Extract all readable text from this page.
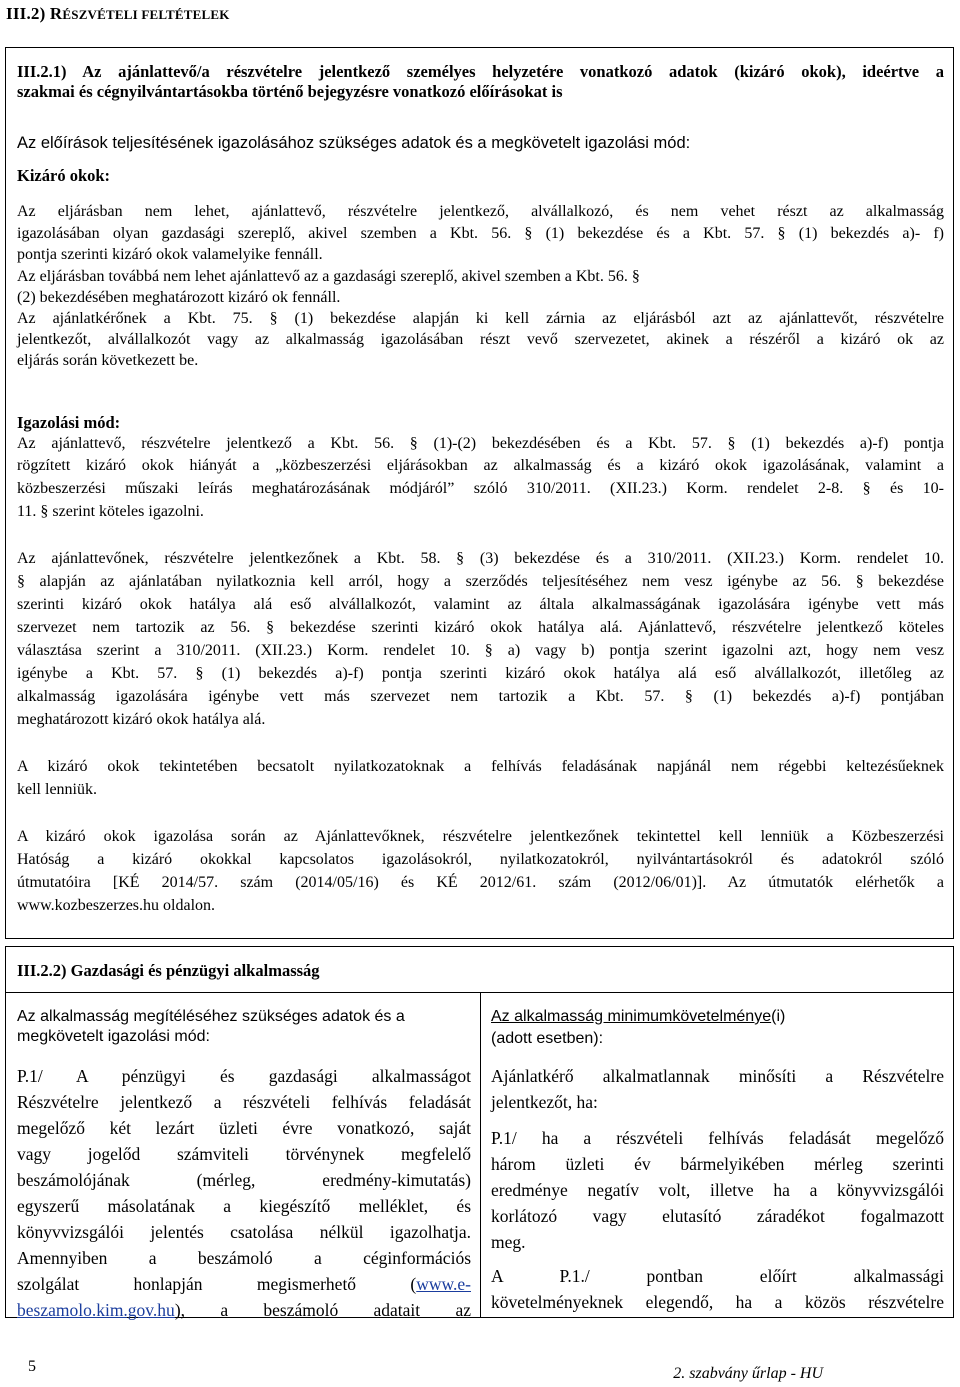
III.2) RÉSZVÉTELI FELTÉTELEK
III.2.1) Az ajánlattevő/a részvételre jelentkező személyes helyzetére vonatkozó adatok (kizáró okok), ideértve a
szakmai és cégnyilvántartásokba történő bejegyzésre vonatkozó előírásokat is
Az előírások teljesítésének igazolásához szükséges adatok és a megkövetelt igazolási mód:
Kizáró okok:
Az eljárásban nem lehet, ajánlattevő, részvételre jelentkező, alvállalkozó, és nem vehet részt az alkalmasság
igazolásában olyan gazdasági szereplő, akivel szemben a Kbt. 56. § (1) bekezdése és a Kbt. 57. § (1) bekezdés a)- f)
pontja szerinti kizáró okok valamelyike fennáll.
Az eljárásban továbbá nem lehet ajánlattevő az a gazdasági szereplő, akivel szemben a Kbt. 56. §
(2) bekezdésében meghatározott kizáró ok fennáll.
Az ajánlatkérőnek a Kbt. 75. § (1) bekezdése alapján ki kell zárnia az eljárásból azt az ajánlattevőt, részvételre
jelentkezőt, alvállalkozót vagy az alkalmasság igazolásában részt vevő szervezetet, akinek a részéről a kizáró ok az
eljárás során következett be.
Igazolási mód:
Az ajánlattevő, részvételre jelentkező a Kbt. 56. § (1)-(2) bekezdésében és a Kbt. 57. § (1) bekezdés a)-f) pontja
rögzített kizáró okok hiányát a „közbeszerzési eljárásokban az alkalmasság és a kizáró okok igazolásának, valamint a
közbeszerzési műszaki leírás meghatározásának módjáról” szóló 310/2011. (XII.23.) Korm. rendelet 2-8. § és 10-
11. § szerint köteles igazolni.
Az ajánlattevőnek, részvételre jelentkezőnek a Kbt. 58. § (3) bekezdése és a 310/2011. (XII.23.) Korm. rendelet 10.
§ alapján az ajánlatában nyilatkoznia kell arról, hogy a szerződés teljesítéséhez nem vesz igénybe az 56. § bekezdése
szerinti kizáró okok hatálya alá eső alvállalkozót, valamint az általa alkalmasságának igazolására igénybe vett más
szervezet nem tartozik az 56. § bekezdése szerinti kizáró okok hatálya alá. Ajánlattevő, részvételre jelentkező köteles
választása szerint a 310/2011. (XII.23.) Korm. rendelet 10. § a) vagy b) pontja szerint igazolni azt, hogy nem vesz
igénybe a Kbt. 57. § (1) bekezdés a)-f) pontja szerinti kizáró okok hatálya alá eső alvállalkozót, illetőleg az
alkalmasság igazolására igénybe vett más szervezet nem tartozik a Kbt. 57. § (1) bekezdés a)-f) pontjában
meghatározott kizáró okok hatálya alá.
A kizáró okok tekintetében becsatolt nyilatkozatoknak a felhívás feladásának napjánál nem régebbi keltezésűeknek
kell lenniük.
A kizáró okok igazolása során az Ajánlattevőknek, részvételre jelentkezőnek tekintettel kell lenniük a Közbeszerzési
Hatóság a kizáró okokkal kapcsolatos igazolásokról, nyilatkozatokról, nyilvántartásokról és adatokról szóló
útmutatóira [KÉ 2014/57. szám (2014/05/16) és KÉ 2012/61. szám (2012/06/01)]. Az útmutatók elérhetők a
www.kozbeszerzes.hu oldalon.
III.2.2) Gazdasági és pénzügyi alkalmasság
Az alkalmasság megítéléséhez szükséges adatok és a
megkövetelt igazolási mód:
Az alkalmasság minimumkövetelménye(i)
(adott esetben):
P.1/ A pénzügyi és gazdasági alkalmasságot
Részvételre jelentkező a részvételi felhívás feladását
megelőző két lezárt üzleti évre vonatkozó, saját
vagy jogelőd számviteli törvénynek megfelelő
beszámolójának (mérleg, eredmény-kimutatás)
egyszerű másolatának a kiegészítő melléklet, és
könyvvizsgálói jelentés csatolása nélkül igazolhatja.
Amennyiben a beszámoló a céginformációs
szolgálat honlapján megismerhető (www.e-
beszamolo.kim.gov.hu), a beszámoló adatait az
Ajánlatkérő alkalmatlannak minősíti a Részvételre
jelentkezőt, ha:
P.1/ ha a részvételi felhívás feladását megelőző
három üzleti év bármelyikében mérleg szerinti
eredménye negatív volt, illetve ha a könyvvizsgálói
korlátozó vagy elutasító záradékot fogalmazott
meg.
A P.1./ pontban előírt alkalmassági
követelményeknek elegendő, ha a közös részvételre
5	2. szabvány űrlap - HU
